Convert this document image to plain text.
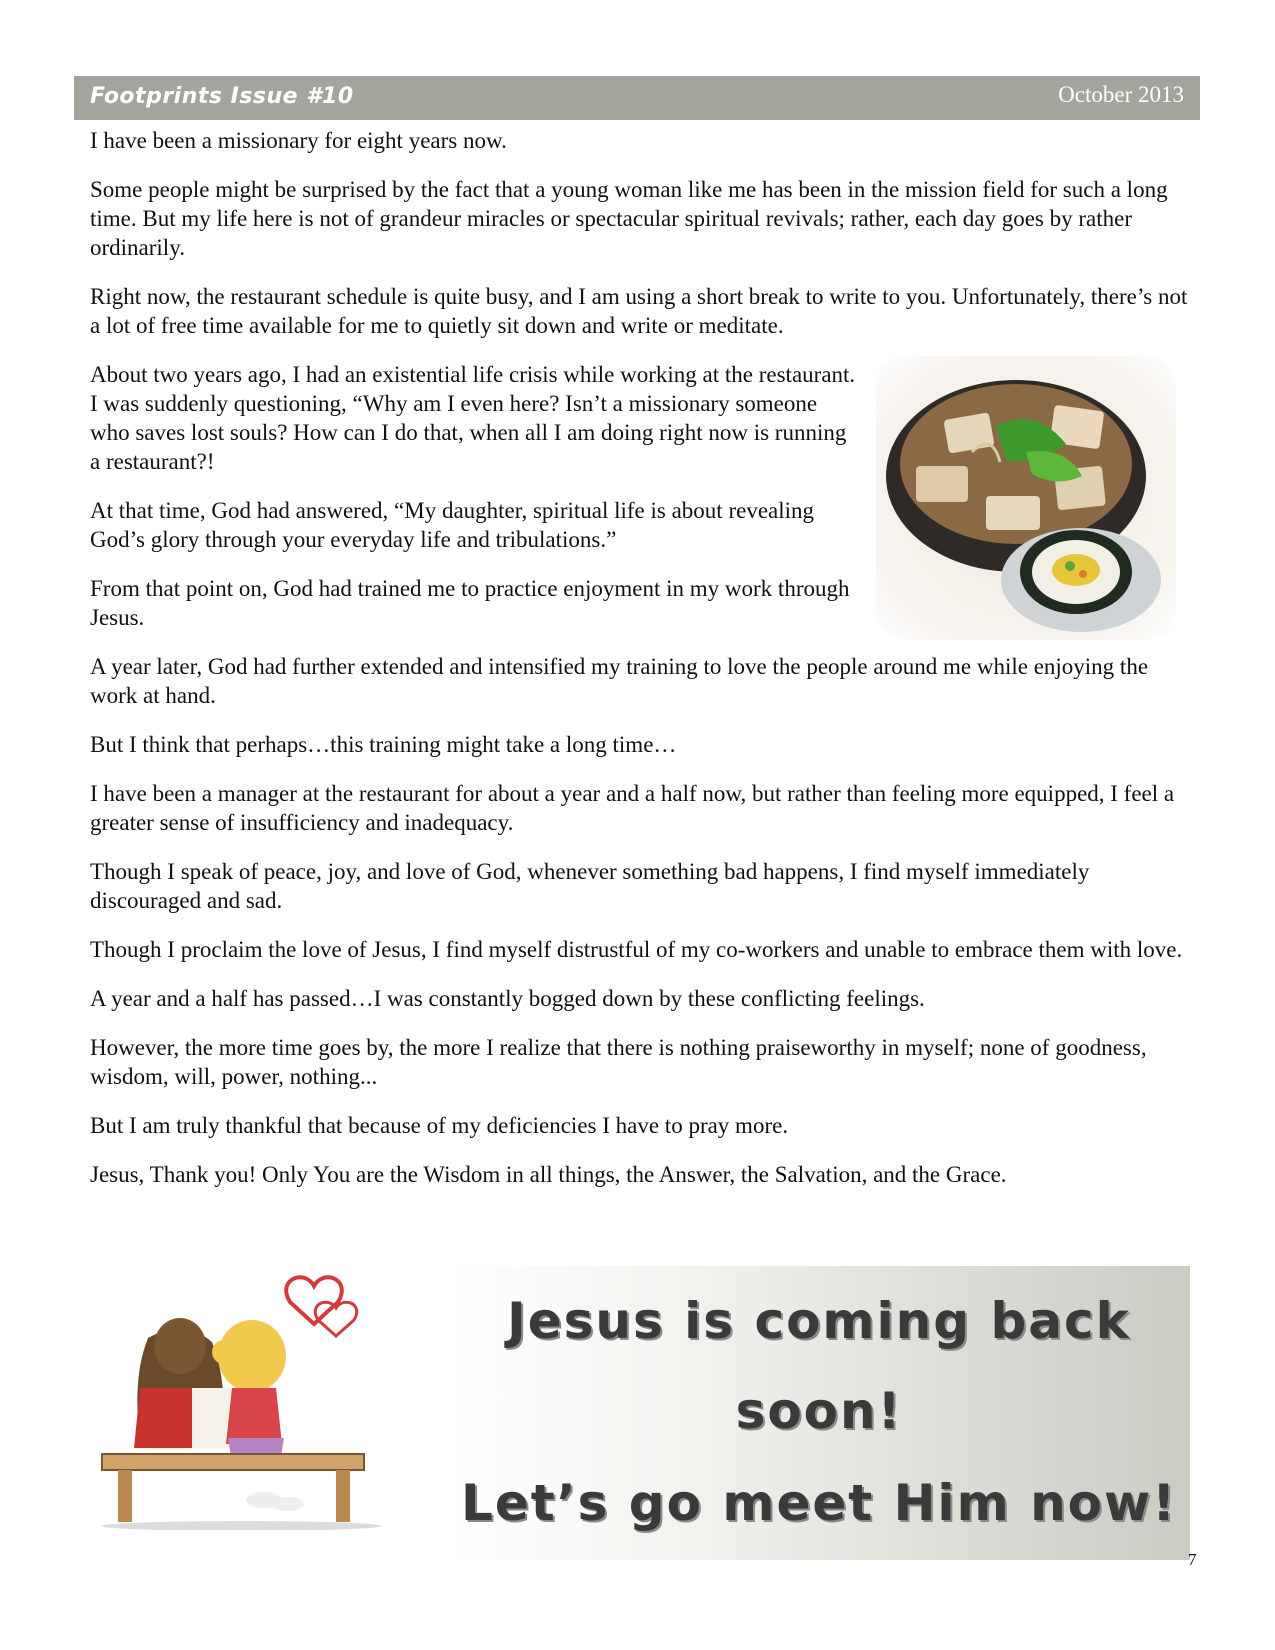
Footprints Issue #10	October 2013

I have been a missionary for eight years now.

Some people might be surprised by the fact that a young woman like me has been in the mission field for such a long time. But my life here is not of grandeur miracles or spectacular spiritual revivals; rather, each day goes by rather ordinarily.

Right now, the restaurant schedule is quite busy, and I am using a short break to write to you. Unfortunately, there’s not a lot of free time available for me to quietly sit down and write or meditate.

About two years ago, I had an existential life crisis while working at the restaurant. I was suddenly questioning, “Why am I even here? Isn’t a missionary someone who saves lost souls? How can I do that, when all I am doing right now is running a restaurant?!

At that time, God had answered, “My daughter, spiritual life is about revealing God’s glory through your everyday life and tribulations.”

From that point on, God had trained me to practice enjoyment in my work through Jesus.

A year later, God had further extended and intensified my training to love the people around me while enjoying the work at hand.

But I think that perhaps…this training might take a long time…

I have been a manager at the restaurant for about a year and a half now, but rather than feeling more equipped, I feel a greater sense of insufficiency and inadequacy.

Though I speak of peace, joy, and love of God, whenever something bad happens, I find myself immediately discouraged and sad.

Though I proclaim the love of Jesus, I find myself distrustful of my co-workers and unable to embrace them with love.

A year and a half has passed…I was constantly bogged down by these conflicting feelings.

However, the more time goes by, the more I realize that there is nothing praiseworthy in myself; none of goodness, wisdom, will, power, nothing...

But I am truly thankful that because of my deficiencies I have to pray more.

Jesus, Thank you! Only You are the Wisdom in all things, the Answer, the Salvation, and the Grace.

Jesus is coming back
soon!
Let’s go meet Him now!
7
